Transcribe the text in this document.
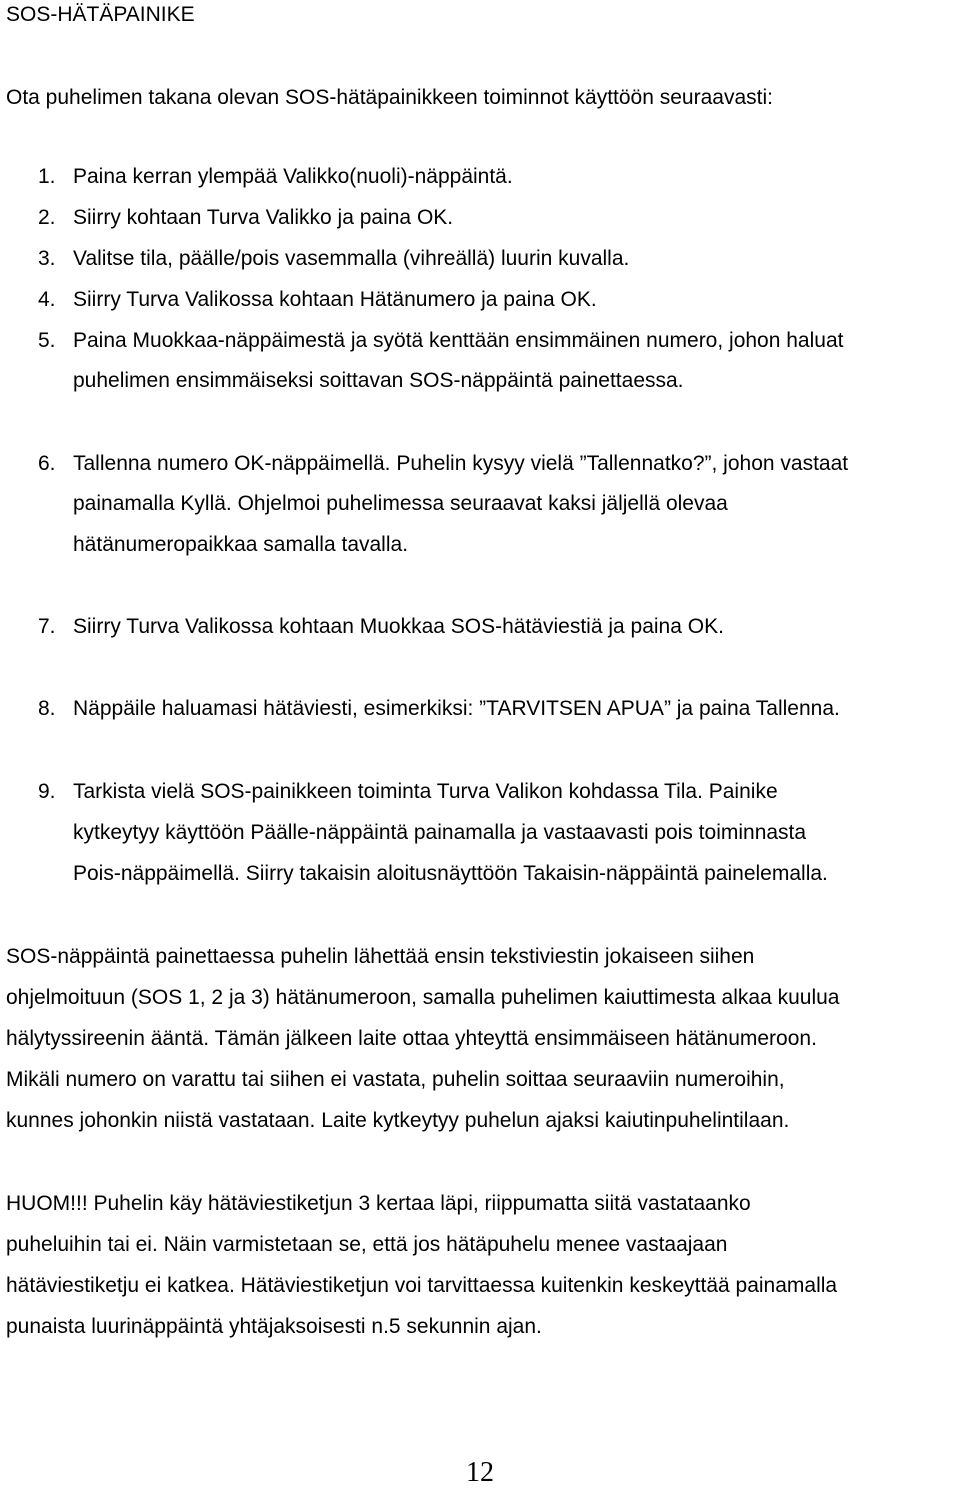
SOS-HÄTÄPAINIKE
Ota puhelimen takana olevan SOS-hätäpainikkeen toiminnot käyttöön seuraavasti:
1. Paina kerran ylempää Valikko(nuoli)-näppäintä.
2. Siirry kohtaan Turva Valikko ja paina OK.
3. Valitse tila, päälle/pois vasemmalla (vihreällä) luurin kuvalla.
4. Siirry Turva Valikossa kohtaan Hätänumero ja paina OK.
5. Paina Muokkaa-näppäimestä ja syötä kenttään ensimmäinen numero, johon haluat
puhelimen ensimmäiseksi soittavan SOS-näppäintä painettaessa.
6. Tallenna numero OK-näppäimellä. Puhelin kysyy vielä ”Tallennatko?”, johon vastaat
painamalla Kyllä. Ohjelmoi puhelimessa seuraavat kaksi jäljellä olevaa
hätänumeropaikkaa samalla tavalla.
7. Siirry Turva Valikossa kohtaan Muokkaa SOS-hätäviestiä ja paina OK.
8. Näppäile haluamasi hätäviesti, esimerkiksi: ”TARVITSEN APUA” ja paina Tallenna.
9. Tarkista vielä SOS-painikkeen toiminta Turva Valikon kohdassa Tila. Painike
kytkeytyy käyttöön Päälle-näppäintä painamalla ja vastaavasti pois toiminnasta
Pois-näppäimellä. Siirry takaisin aloitusnäyttöön Takaisin-näppäintä painelemalla.
SOS-näppäintä painettaessa puhelin lähettää ensin tekstiviestin jokaiseen siihen
ohjelmoituun (SOS 1, 2 ja 3) hätänumeroon, samalla puhelimen kaiuttimesta alkaa kuulua
hälytyssireenin ääntä. Tämän jälkeen laite ottaa yhteyttä ensimmäiseen hätänumeroon.
Mikäli numero on varattu tai siihen ei vastata, puhelin soittaa seuraaviin numeroihin,
kunnes johonkin niistä vastataan. Laite kytkeytyy puhelun ajaksi kaiutinpuhelintilaan.
HUOM!!! Puhelin käy hätäviestiketjun 3 kertaa läpi, riippumatta siitä vastataanko
puheluihin tai ei. Näin varmistetaan se, että jos hätäpuhelu menee vastaajaan
hätäviestiketju ei katkea. Hätäviestiketjun voi tarvittaessa kuitenkin keskeyttää painamalla
punaista luurinäppäintä yhtäjaksoisesti n.5 sekunnin ajan.
12
